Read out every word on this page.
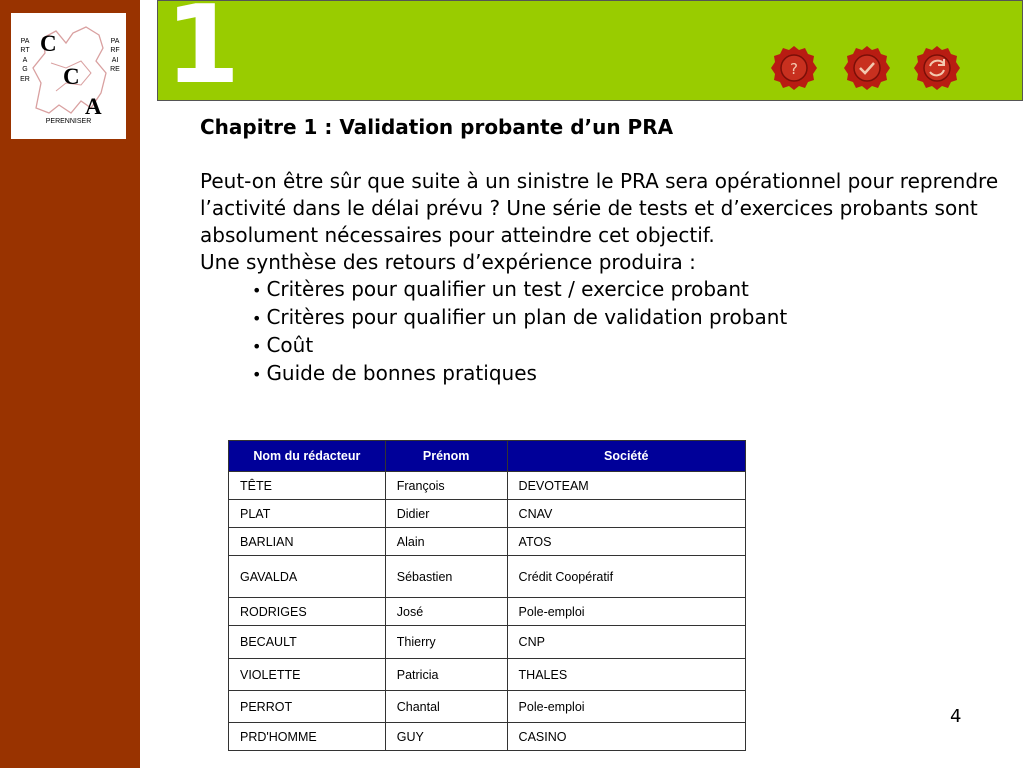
PARTAGER
PARFAIRE
C
C
A
PERENNISER
1	?

Chapitre 1 : Validation probante d’un PRA

Peut-on être sûr que suite à un sinistre le PRA sera opérationnel pour reprendre l’activité dans le délai prévu ? Une série de tests et d’exercices probants sont absolument nécessaires pour atteindre cet objectif.

Une synthèse des retours d’expérience produira :

• Critères pour qualifier un test / exercice probant
• Critères pour qualifier un plan de validation probant
• Coût
• Guide de bonnes pratiques
Nom du rédacteur	Prénom	Société
TÊTE	François	DEVOTEAM
PLAT	Didier	CNAV
BARLIAN	Alain	ATOS
GAVALDA	Sébastien	Crédit Coopératif
RODRIGES	José	Pole-emploi
BECAULT	Thierry	CNP
VIOLETTE	Patricia	THALES
PERROT	Chantal	Pole-emploi
PRD'HOMME	GUY	CASINO
4
